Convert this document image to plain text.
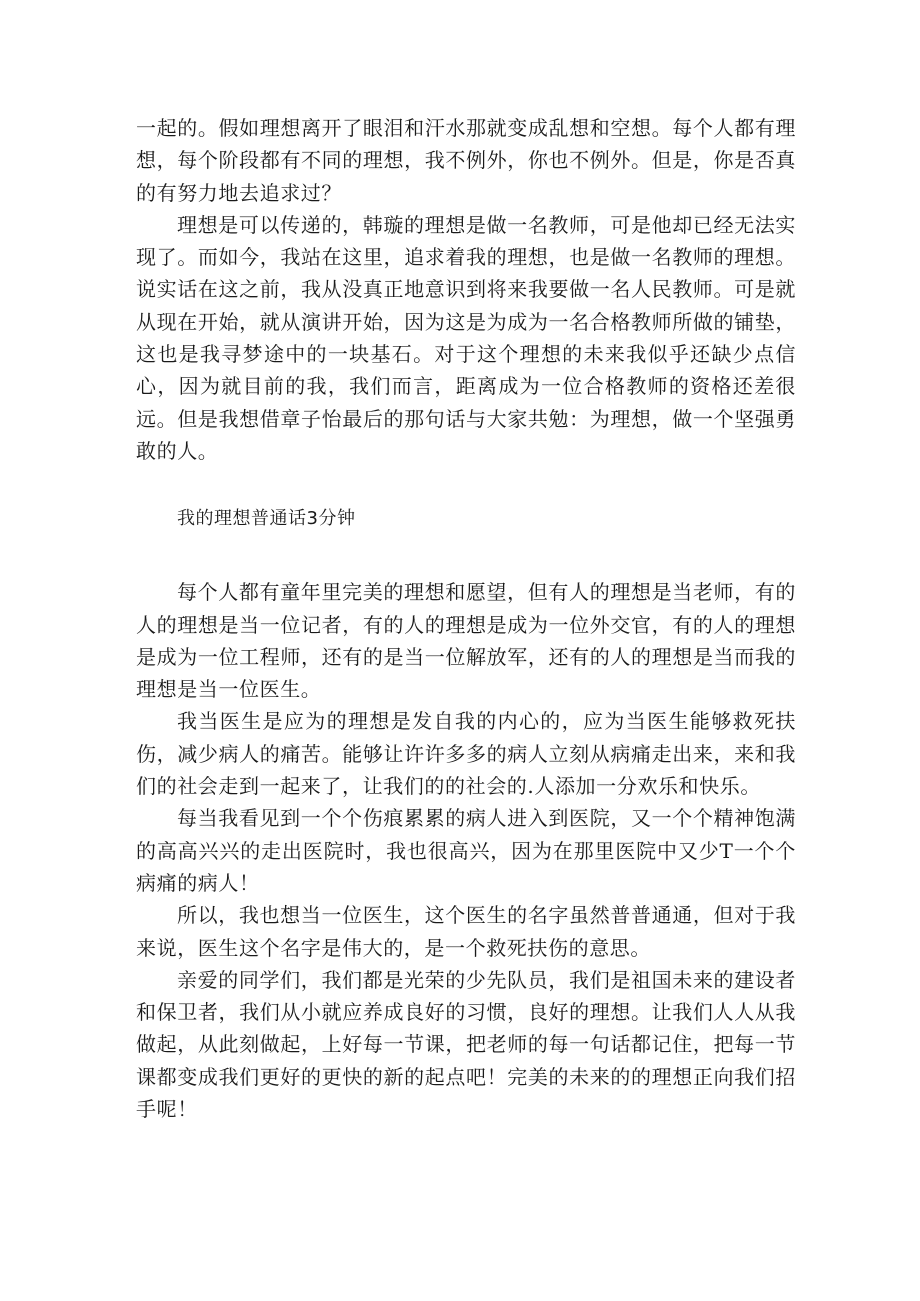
一起的。假如理想离开了眼泪和汗水那就变成乱想和空想。每个人都有理想，每个阶段都有不同的理想，我不例外，你也不例外。但是，你是否真的有努力地去追求过？

理想是可以传递的，韩璇的理想是做一名教师，可是他却已经无法实现了。而如今，我站在这里，追求着我的理想，也是做一名教师的理想。说实话在这之前，我从没真正地意识到将来我要做一名人民教师。可是就从现在开始，就从演讲开始，因为这是为成为一名合格教师所做的铺垫，这也是我寻梦途中的一块基石。对于这个理想的未来我似乎还缺少点信心，因为就目前的我，我们而言，距离成为一位合格教师的资格还差很远。但是我想借章子怡最后的那句话与大家共勉：为理想，做一个坚强勇敢的人。

我的理想普通话3分钟

每个人都有童年里完美的理想和愿望，但有人的理想是当老师，有的人的理想是当一位记者，有的人的理想是成为一位外交官，有的人的理想是成为一位工程师，还有的是当一位解放军，还有的人的理想是当而我的理想是当一位医生。

我当医生是应为的理想是发自我的内心的，应为当医生能够救死扶伤，减少病人的痛苦。能够让许许多多的病人立刻从病痛走出来，来和我们的社会走到一起来了，让我们的的社会的.人添加一分欢乐和快乐。

每当我看见到一个个伤痕累累的病人进入到医院，又一个个精神饱满的高高兴兴的走出医院时，我也很高兴，因为在那里医院中又少T一个个病痛的病人！

所以，我也想当一位医生，这个医生的名字虽然普普通通，但对于我来说，医生这个名字是伟大的，是一个救死扶伤的意思。

亲爱的同学们，我们都是光荣的少先队员，我们是祖国未来的建设者和保卫者，我们从小就应养成良好的习惯，良好的理想。让我们人人从我做起，从此刻做起，上好每一节课，把老师的每一句话都记住，把每一节课都变成我们更好的更快的新的起点吧！完美的未来的的理想正向我们招手呢！
